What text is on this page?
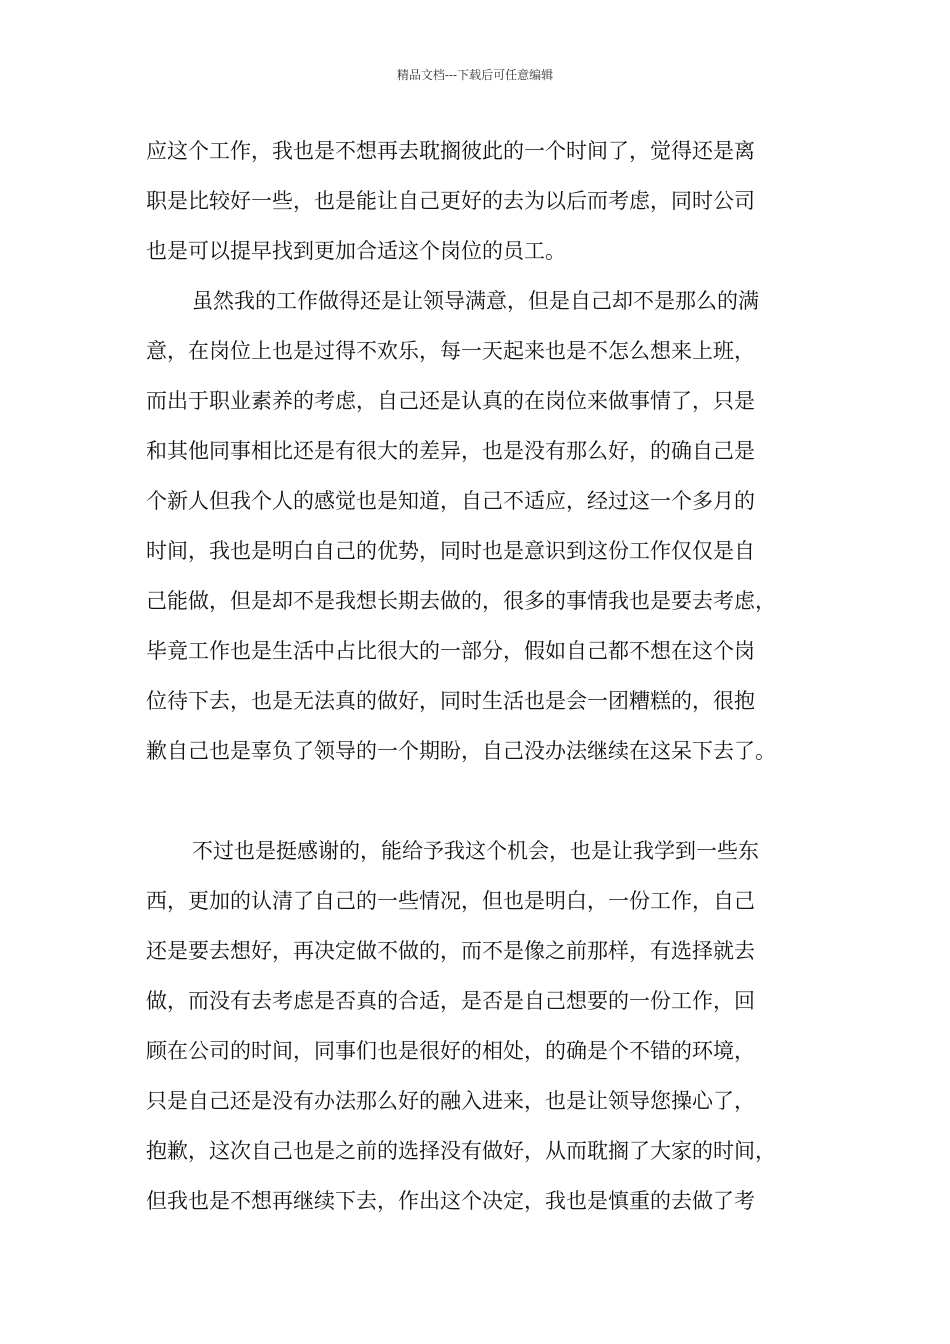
精品文档---下载后可任意编辑
应这个工作，我也是不想再去耽搁彼此的一个时间了，觉得还是离
职是比较好一些，也是能让自己更好的去为以后而考虑，同时公司
也是可以提早找到更加合适这个岗位的员工。
虽然我的工作做得还是让领导满意，但是自己却不是那么的满
意，在岗位上也是过得不欢乐，每一天起来也是不怎么想来上班，
而出于职业素养的考虑，自己还是认真的在岗位来做事情了，只是
和其他同事相比还是有很大的差异，也是没有那么好，的确自己是
个新人但我个人的感觉也是知道，自己不适应，经过这一个多月的
时间，我也是明白自己的优势，同时也是意识到这份工作仅仅是自
己能做，但是却不是我想长期去做的，很多的事情我也是要去考虑，
毕竟工作也是生活中占比很大的一部分，假如自己都不想在这个岗
位待下去，也是无法真的做好，同时生活也是会一团糟糕的，很抱
歉自己也是辜负了领导的一个期盼，自己没办法继续在这呆下去了。
不过也是挺感谢的，能给予我这个机会，也是让我学到一些东
西，更加的认清了自己的一些情况，但也是明白，一份工作，自己
还是要去想好，再决定做不做的，而不是像之前那样，有选择就去
做，而没有去考虑是否真的合适，是否是自己想要的一份工作，回
顾在公司的时间，同事们也是很好的相处，的确是个不错的环境，
只是自己还是没有办法那么好的融入进来，也是让领导您操心了，
抱歉，这次自己也是之前的选择没有做好，从而耽搁了大家的时间，
但我也是不想再继续下去，作出这个决定，我也是慎重的去做了考
